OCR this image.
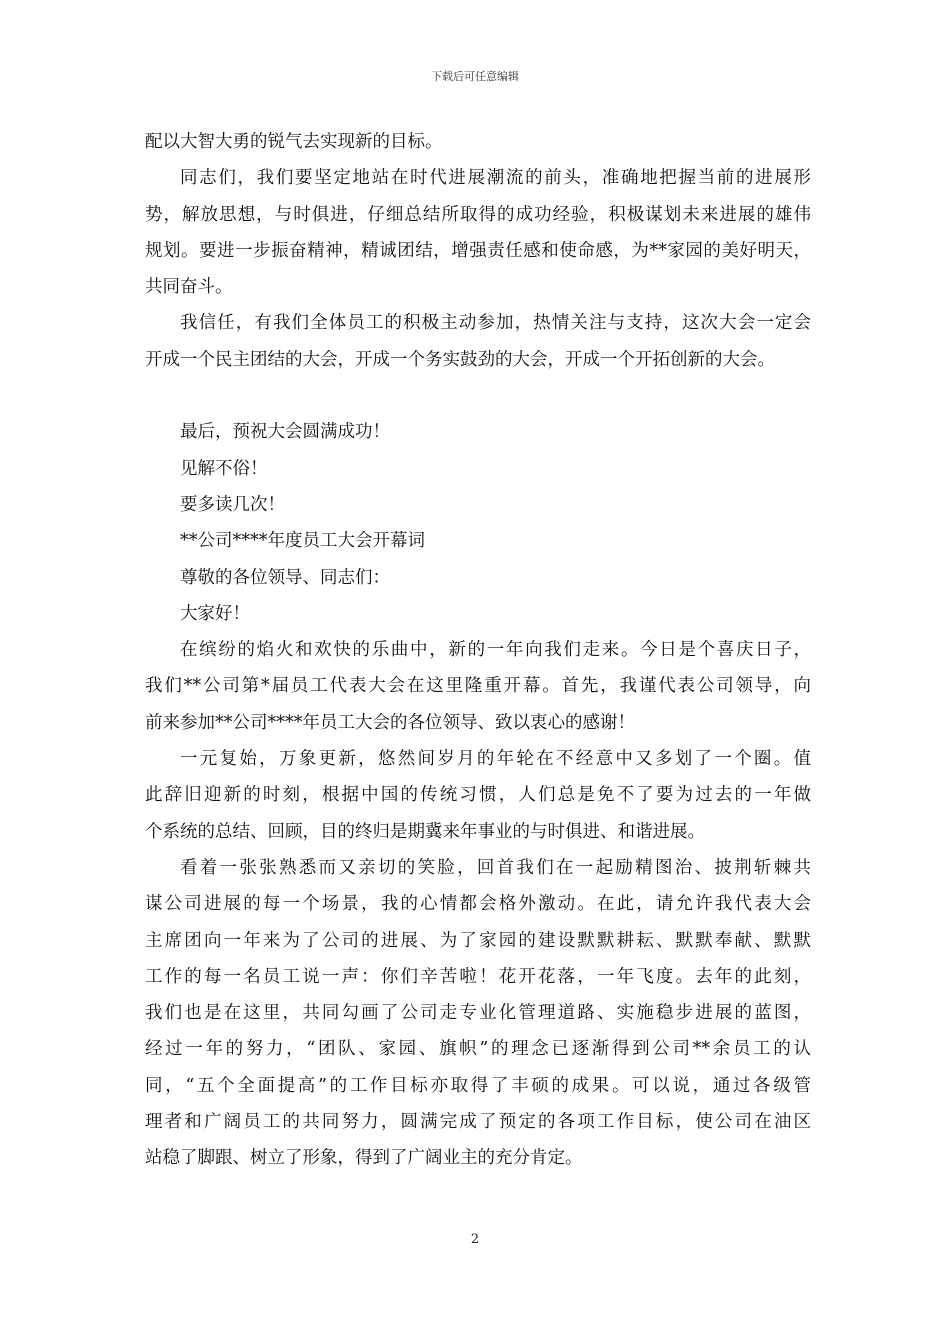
下载后可任意编辑
配以大智大勇的锐气去实现新的目标。
同志们，我们要坚定地站在时代进展潮流的前头，准确地把握当前的进展形
势，解放思想，与时俱进，仔细总结所取得的成功经验，积极谋划未来进展的雄伟
规划。要进一步振奋精神，精诚团结，增强责任感和使命感，为**家园的美好明天，
共同奋斗。
我信任，有我们全体员工的积极主动参加，热情关注与支持，这次大会一定会
开成一个民主团结的大会，开成一个务实鼓劲的大会，开成一个开拓创新的大会。
最后，预祝大会圆满成功！
见解不俗！
要多读几次！
**公司****年度员工大会开幕词
尊敬的各位领导、同志们：
大家好！
在缤纷的焰火和欢快的乐曲中，新的一年向我们走来。今日是个喜庆日子，
我们**公司第*届员工代表大会在这里隆重开幕。首先，我谨代表公司领导，向
前来参加**公司****年员工大会的各位领导、致以衷心的感谢！
一元复始，万象更新，悠然间岁月的年轮在不经意中又多划了一个圈。值
此辞旧迎新的时刻，根据中国的传统习惯，人们总是免不了要为过去的一年做
个系统的总结、回顾，目的终归是期冀来年事业的与时俱进、和谐进展。
看着一张张熟悉而又亲切的笑脸，回首我们在一起励精图治、披荆斩棘共
谋公司进展的每一个场景，我的心情都会格外激动。在此，请允许我代表大会
主席团向一年来为了公司的进展、为了家园的建设默默耕耘、默默奉献、默默
工作的每一名员工说一声：你们辛苦啦！花开花落，一年飞度。去年的此刻，
我们也是在这里，共同勾画了公司走专业化管理道路、实施稳步进展的蓝图，
经过一年的努力，“团队、家园、旗帜”的理念已逐渐得到公司**余员工的认
同，“五个全面提高”的工作目标亦取得了丰硕的成果。可以说，通过各级管
理者和广阔员工的共同努力，圆满完成了预定的各项工作目标，使公司在油区
站稳了脚跟、树立了形象，得到了广阔业主的充分肯定。
2
